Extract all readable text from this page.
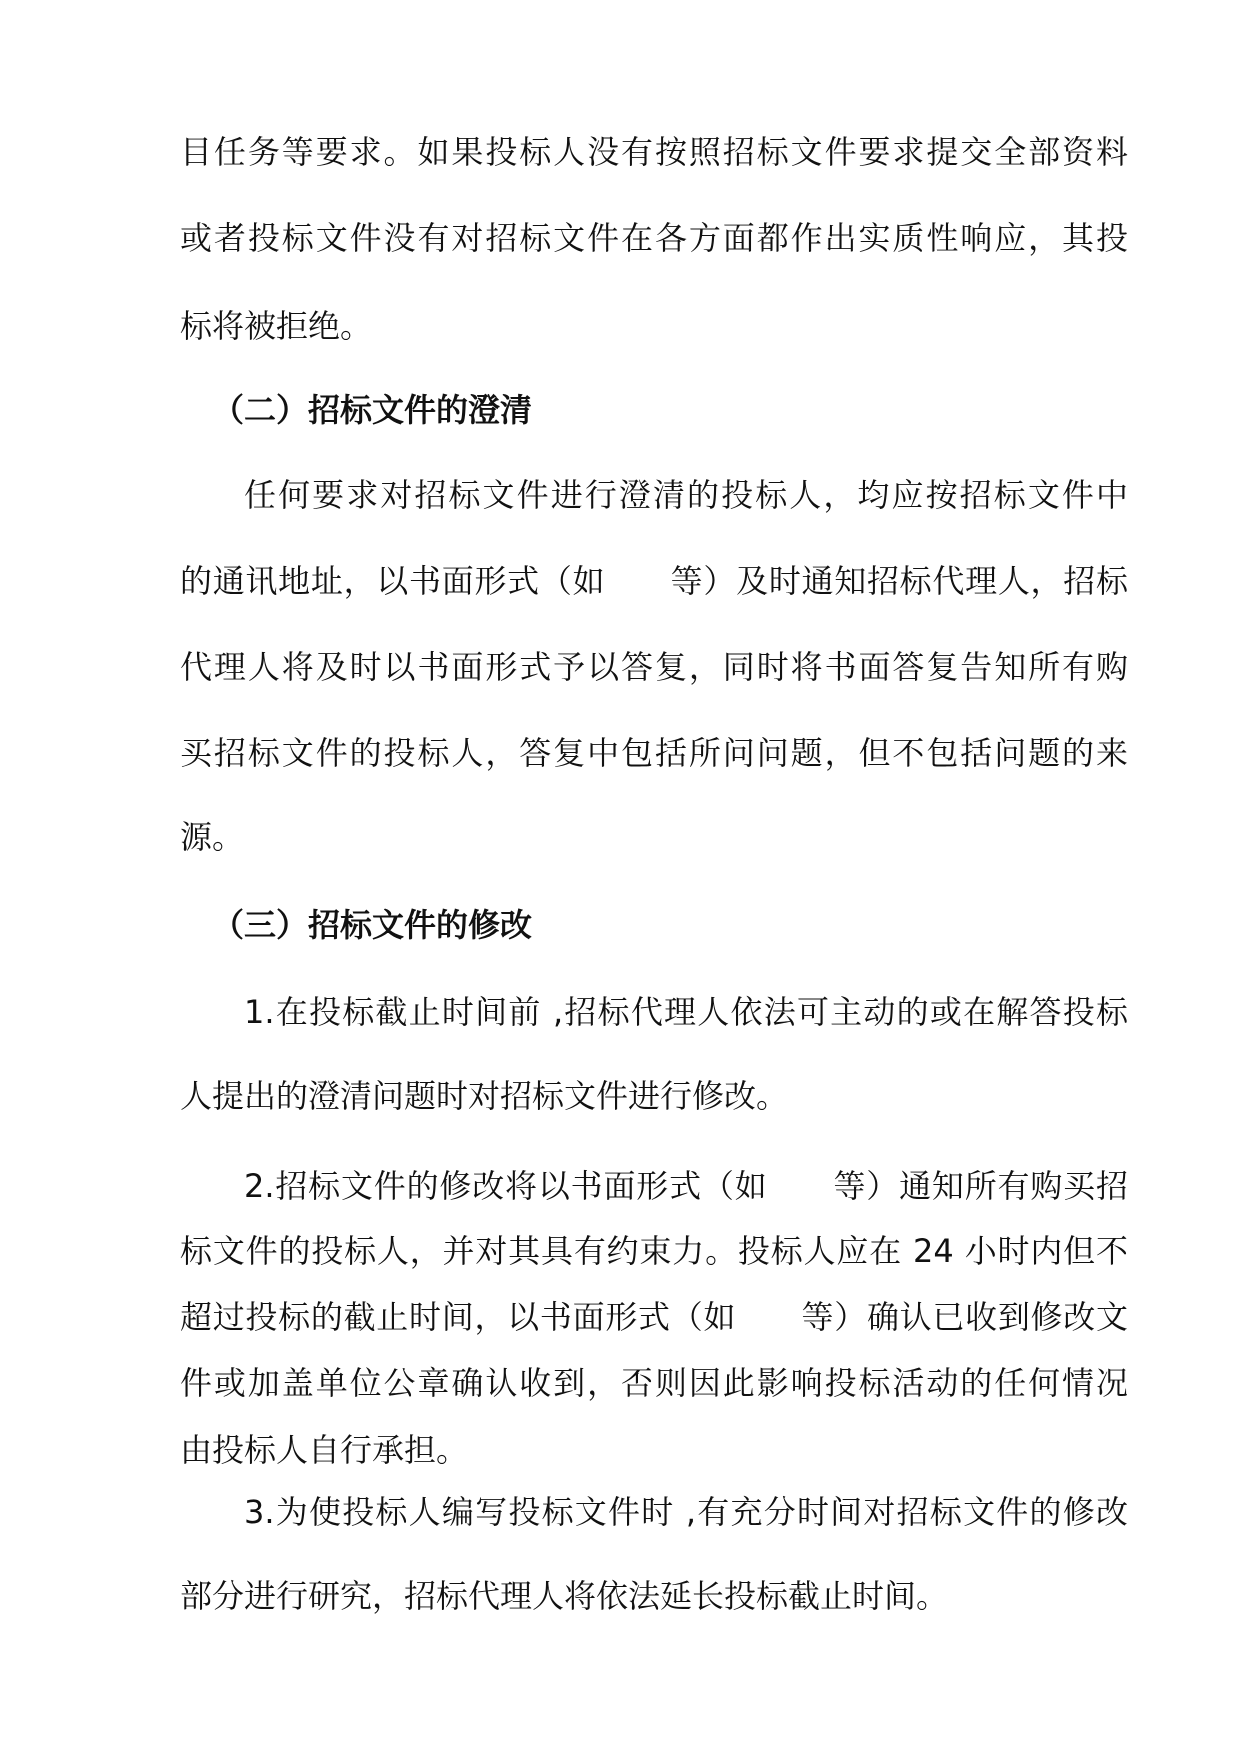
目任务等要求。如果投标人没有按照招标文件要求提交全部资料
或者投标文件没有对招标文件在各方面都作出实质性响应，其投
标将被拒绝。
（二）招标文件的澄清
任何要求对招标文件进行澄清的投标人，均应按招标文件中
的通讯地址，以书面形式（如      等）及时通知招标代理人，招标
代理人将及时以书面形式予以答复，同时将书面答复告知所有购
买招标文件的投标人，答复中包括所问问题，但不包括问题的来
源。
（三）招标文件的修改
1.在投标截止时间前 ,招标代理人依法可主动的或在解答投标
人提出的澄清问题时对招标文件进行修改。
2.招标文件的修改将以书面形式（如      等）通知所有购买招
标文件的投标人，并对其具有约束力。投标人应在 24 小时内但不
超过投标的截止时间，以书面形式（如      等）确认已收到修改文
件或加盖单位公章确认收到，否则因此影响投标活动的任何情况
由投标人自行承担。
3.为使投标人编写投标文件时 ,有充分时间对招标文件的修改
部分进行研究，招标代理人将依法延长投标截止时间。
